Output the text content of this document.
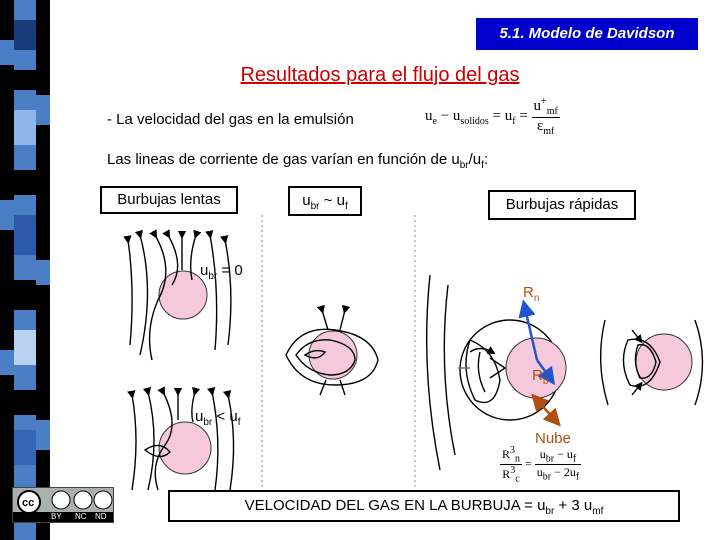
5.1. Modelo de Davidson
Resultados para el flujo del gas
- La velocidad del gas en la emulsión	$u_e - u_{solidos} = u_f = \frac{u^+_{mf}}{\varepsilon_{mf}}$
Las lineas de corriente de gas varían en función de $u_{br}/u_f$:
Burbujas lentas	$u_{br}$ ~ $u_f$	Burbujas rápidas
$u_{br} = 0$
$u_{br} < u_f$
$R_n$
$R_b$
Nube
$\frac{R^3_n}{R^3_c} = \frac{u_{br} - u_f}{u_{br} - 2u_f}$
cc
BY NC ND
VELOCIDAD DEL GAS EN LA BURBUJA = $u_{br} + 3$ $u_{mf}$
